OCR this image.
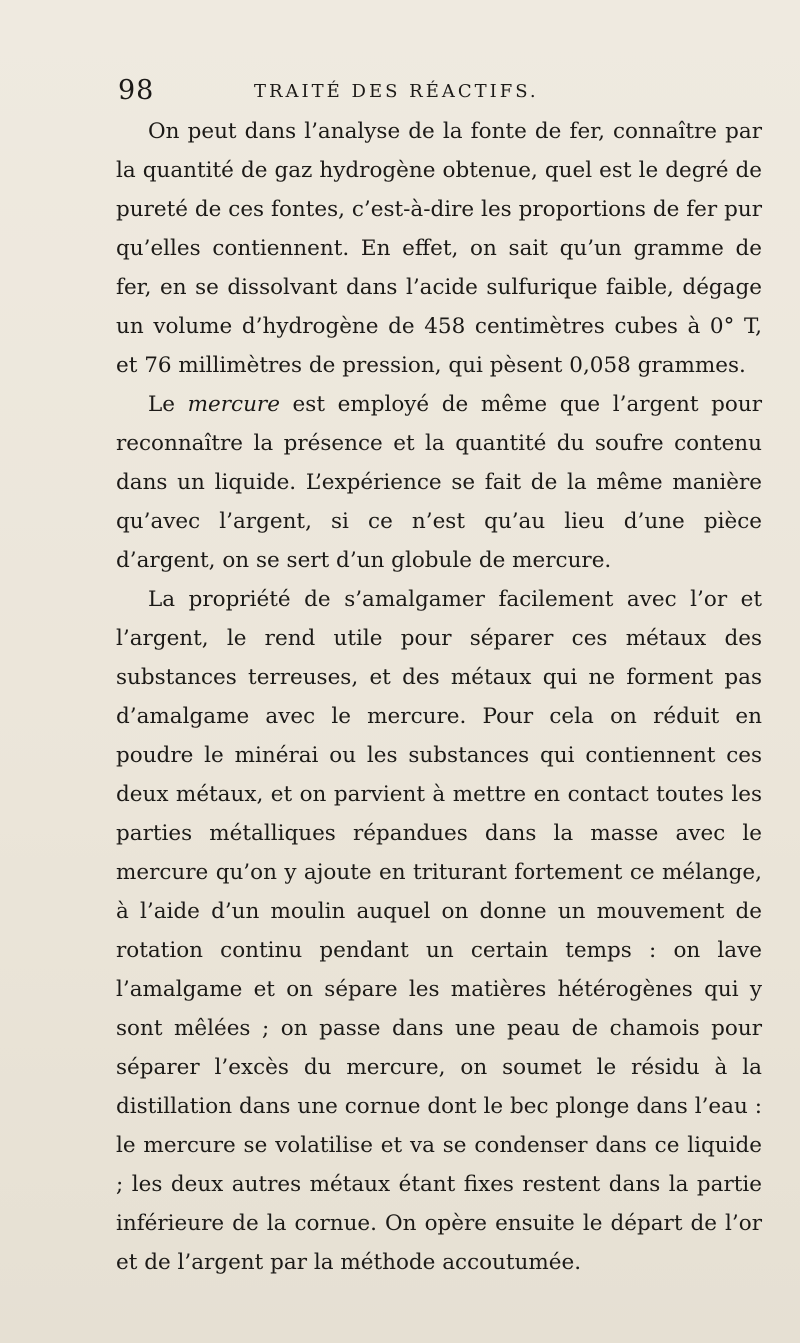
98	TRAITÉ DES RÉACTIFS.

On peut dans l’analyse de la fonte de fer, connaître par la quantité de gaz hydrogène obtenue, quel est le degré de pureté de ces fontes, c’est-à-dire les proportions de fer pur qu’elles contiennent. En effet, on sait qu’un gramme de fer, en se dissolvant dans l’acide sulfurique faible, dégage un volume d’hydrogène de 458 centimètres cubes à 0° T, et 76 millimètres de pression, qui pèsent 0,058 grammes.

Le mercure est employé de même que l’argent pour reconnaître la présence et la quantité du soufre contenu dans un liquide. L’expérience se fait de la même manière qu’avec l’argent, si ce n’est qu’au lieu d’une pièce d’argent, on se sert d’un globule de mercure.

La propriété de s’amalgamer facilement avec l’or et l’argent, le rend utile pour séparer ces métaux des substances terreuses, et des métaux qui ne forment pas d’amalgame avec le mercure. Pour cela on réduit en poudre le minérai ou les substances qui contiennent ces deux métaux, et on parvient à mettre en contact toutes les parties métalliques répandues dans la masse avec le mercure qu’on y ajoute en triturant fortement ce mélange, à l’aide d’un moulin auquel on donne un mouvement de rotation continu pendant un certain temps : on lave l’amalgame et on sépare les matières hétérogènes qui y sont mêlées ; on passe dans une peau de chamois pour séparer l’excès du mercure, on soumet le résidu à la distillation dans une cornue dont le bec plonge dans l’eau : le mercure se volatilise et va se condenser dans ce liquide ; les deux autres métaux étant fixes restent dans la partie inférieure de la cornue. On opère ensuite le départ de l’or et de l’argent par la méthode accoutumée.
